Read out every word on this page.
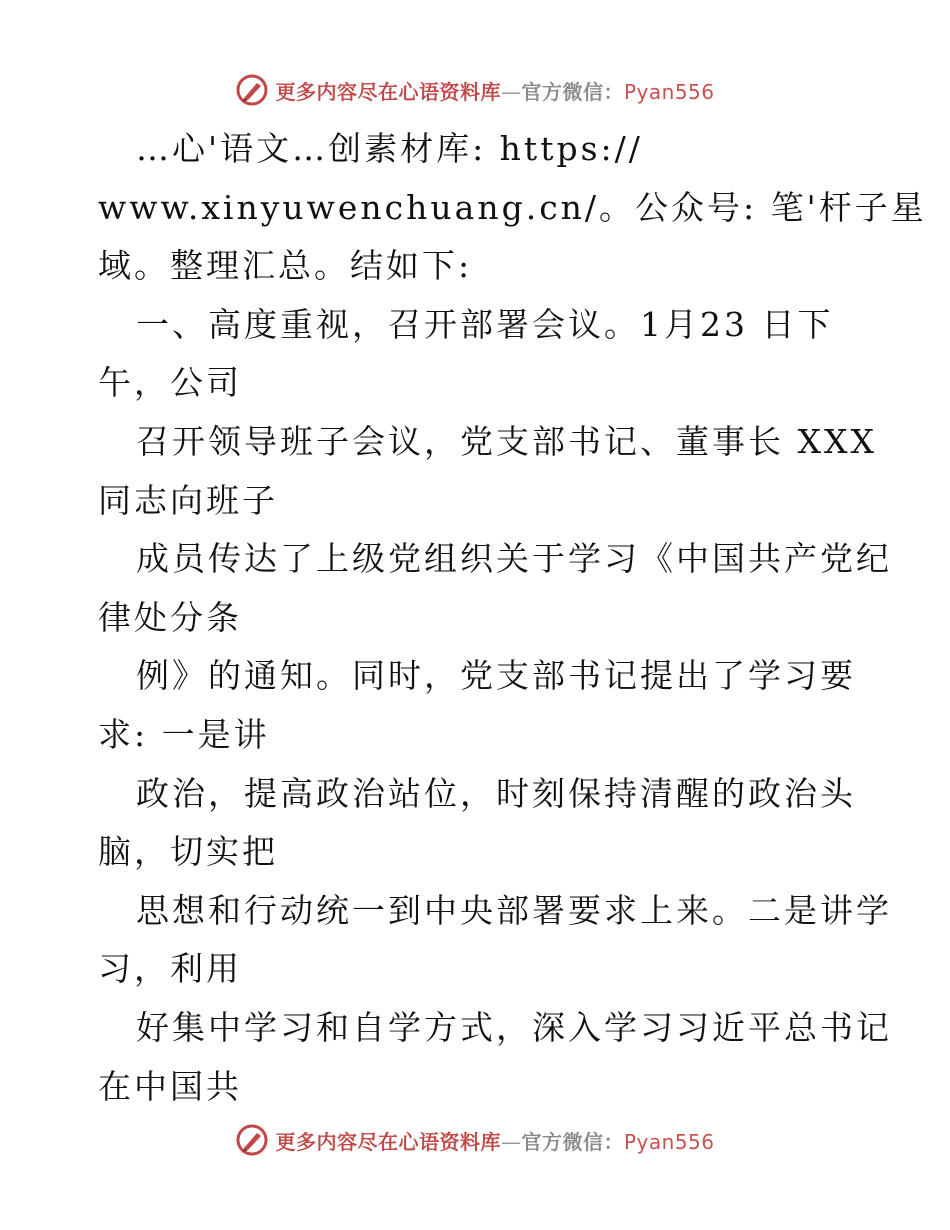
更多内容尽在心语资料库—官方微信：Pyan556
…心'语文…创素材库: https://
www.xinyuwenchuang.cn/。公众号: 笔'杆子星
域。整理汇总。结如下:
一、高度重视，召开部署会议。1月23 日下
午，公司
召开领导班子会议，党支部书记、董事长 XXX
同志向班子
成员传达了上级党组织关于学习《中国共产党纪
律处分条
例》的通知。同时，党支部书记提出了学习要
求: 一是讲
政治，提高政治站位，时刻保持清醒的政治头
脑，切实把
思想和行动统一到中央部署要求上来。二是讲学
习，利用
好集中学习和自学方式，深入学习习近平总书记
在中国共
更多内容尽在心语资料库—官方微信：Pyan556
